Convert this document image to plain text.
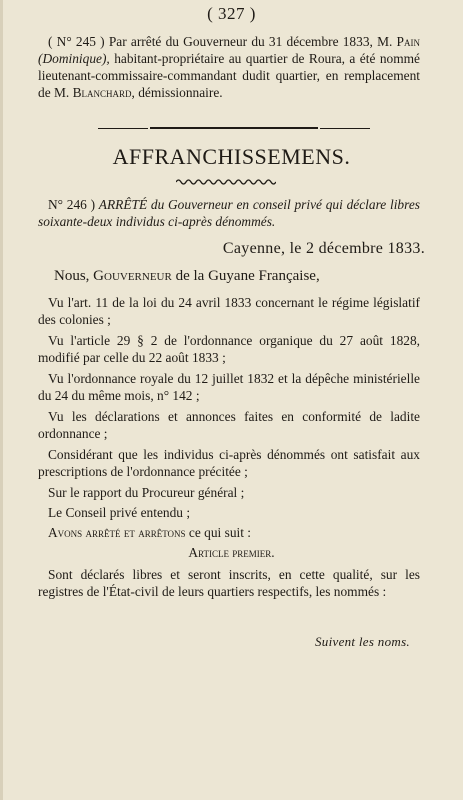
( 327 )

( N° 245 ) Par arrêté du Gouverneur du 31 décembre 1833, M. Pain (Dominique), habitant-propriétaire au quartier de Roura, a été nommé lieutenant-commissaire-commandant dudit quartier, en remplacement de M. Blanchard, démissionnaire.

AFFRANCHISSEMENS.

N° 246 ) ARRÊTÉ du Gouverneur en conseil privé qui déclare libres soixante-deux individus ci-après dénommés.

Cayenne, le 2 décembre 1833.
Nous, Gouverneur de la Guyane Française,
Vu l'art. 11 de la loi du 24 avril 1833 concernant le régime législatif des colonies ;
Vu l'article 29 § 2 de l'ordonnance organique du 27 août 1828, modifié par celle du 22 août 1833 ;
Vu l'ordonnance royale du 12 juillet 1832 et la dépêche ministérielle du 24 du même mois, n° 142 ;
Vu les déclarations et annonces faites en conformité de ladite ordonnance ;
Considérant que les individus ci-après dénommés ont satisfait aux prescriptions de l'ordonnance précitée ;
Sur le rapport du Procureur général ;
Le Conseil privé entendu ;
Avons arrêté et arrêtons ce qui suit :
Article premier.
Sont déclarés libres et seront inscrits, en cette qualité, sur les registres de l'État-civil de leurs quartiers respectifs, les nommés :
Suivent les noms.
